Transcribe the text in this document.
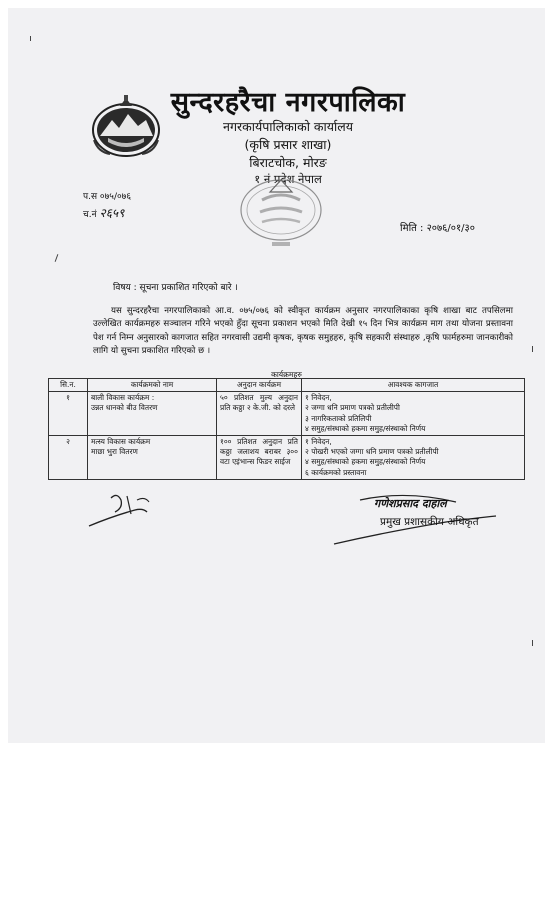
सुन्दरहरैचा नगरपालिका
नगरकार्यपालिकाको कार्यालय
(कृषि प्रसार शाखा)
बिराटचोक, मोरङ
१ नं प्रदेश नेपाल
प.स ०७५/०७६
च.नं २६५९
मिति : २०७६/०१/३०
विषय : सूचना प्रकाशित गरिएको बारे ।
यस सुन्दरहरैचा नगरपालिकाको आ.व. ०७५/०७६ को स्वीकृत कार्यक्रम अनुसार नगरपालिकाका कृषि शाखा बाट तपसिलमा उल्लेखित कार्यक्रमहरु सञ्चालन गरिने भएको हुँदा सूचना प्रकाशन भएको मिति देखी १५ दिन भित्र कार्यक्रम माग तथा योजना प्रस्तावना पेश गर्न निम्न अनुसारको कागजात सहित नगरवासी उद्यमी कृषक, कृषक समुहहरु, कृषि सहकारी संस्थाहरु ,कृषि फार्महरुमा जानकारीको लागि यो सुचना प्रकाशित गरिएको छ ।
कार्यक्रमहरु
सि.न.	कार्यक्रमको नाम	अनुदान कार्यक्रम	आवश्यक कागजात
१	बाली विकास कार्यक्रम :
उन्नत धानको बीउ वितरण	५० प्रतिशत मुल्य अनुदान प्रति कठ्ठा २ के.जी. को दरले	१ निवेदन,
२ जग्गा धनि प्रमाण पत्रको प्रतीलीपी
३ नागरिकताको प्रतिलिपी
४ समुह/संस्थाको हकमा समुह/संस्थाको निर्णय

२	मत्स्य विकास कार्यक्रम
माछा भुरा वितरण	१०० प्रतिशत अनुदान प्रति कठ्ठा जलाशय बराबर ३०० वटा एइंभान्स फिङर साईज	१ निवेदन,
२ पोखरी भएको जग्गा धनि प्रमाण पत्रको प्रतीलीपी
४ समुह/संस्थाको हकमा समुह/संस्थाको निर्णय
६ कार्यक्रमको प्रस्तावना
गणेशप्रसाद दाहाल
प्रमुख प्रशासकीय अधिकृत
